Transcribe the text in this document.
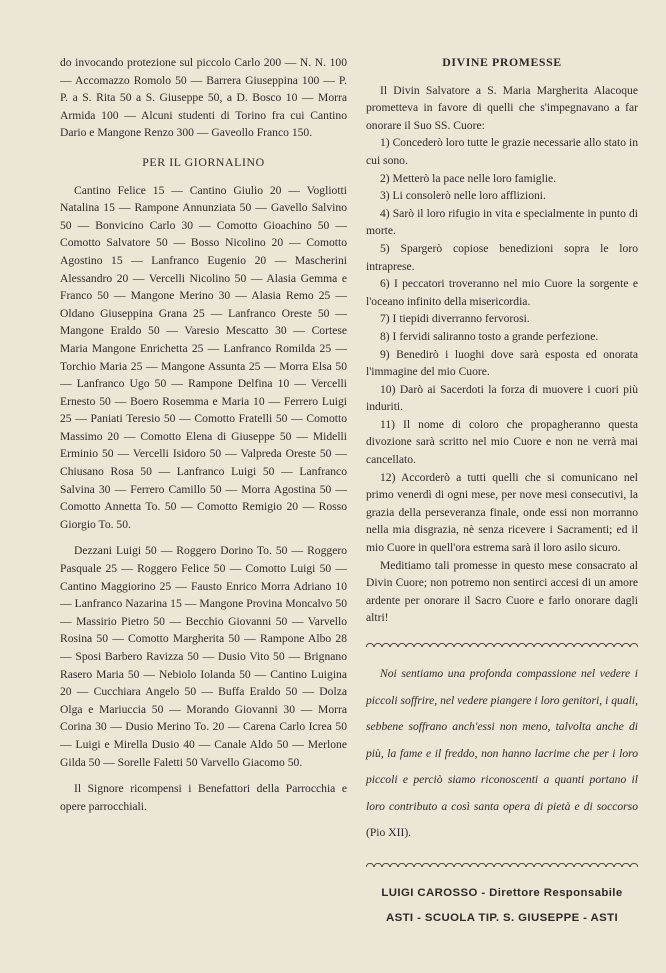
do invocando protezione sul piccolo Carlo 200 — N. N. 100 — Accomazzo Romolo 50 — Barrera Giuseppina 100 — P. P. a S. Rita 50 a S. Giuseppe 50, a D. Bosco 10 — Morra Armida 100 — Alcuni studenti di Torino fra cui Cantino Dario e Mangone Renzo 300 — Gaveollo Franco 150.

PER IL GIORNALINO

Cantino Felice 15 — Cantino Giulio 20 — Vogliotti Natalina 15 — Rampone Annunziata 50 — Gavello Salvino 50 — Bonvicino Carlo 30 — Comotto Gioachino 50 — Comotto Salvatore 50 — Bosso Nicolino 20 — Comotto Agostino 15 — Lanfranco Eugenio 20 — Mascherini Alessandro 20 — Vercelli Nicolino 50 — Alasia Gemma e Franco 50 — Mangone Merino 30 — Alasia Remo 25 — Oldano Giuseppina Grana 25 — Lanfranco Oreste 50 — Mangone Eraldo 50 — Varesio Mescatto 30 — Cortese Maria Mangone Enrichetta 25 — Lanfranco Romilda 25 — Torchio Maria 25 — Mangone Assunta 25 — Morra Elsa 50 — Lanfranco Ugo 50 — Rampone Delfina 10 — Vercelli Ernesto 50 — Boero Rosemma e Maria 10 — Ferrero Luigi 25 — Paniati Teresio 50 — Comotto Fratelli 50 — Comotto Massimo 20 — Comotto Elena di Giuseppe 50 — Midelli Erminio 50 — Vercelli Isidoro 50 — Valpreda Oreste 50 — Chiusano Rosa 50 — Lanfranco Luigi 50 — Lanfranco Salvina 30 — Ferrero Camillo 50 — Morra Agostina 50 — Comotto Annetta To. 50 — Comotto Remigio 20 — Rosso Giorgio To. 50.

Dezzani Luigi 50 — Roggero Dorino To. 50 — Roggero Pasquale 25 — Roggero Felice 50 — Comotto Luigi 50 — Cantino Maggiorino 25 — Fausto Enrico Morra Adriano 10 — Lanfranco Nazarina 15 — Mangone Provina Moncalvo 50 — Massirio Pietro 50 — Becchio Giovanni 50 — Varvello Rosina 50 — Comotto Margherita 50 — Rampone Albo 28 — Sposi Barbero Ravizza 50 — Dusio Vito 50 — Brignano Rasero Maria 50 — Nebiolo Iolanda 50 — Cantino Luigina 20 — Cucchiara Angelo 50 — Buffa Eraldo 50 — Dolza Olga e Mariuccia 50 — Morando Giovanni 30 — Morra Corina 30 — Dusio Merino To. 20 — Carena Carlo Icrea 50 — Luigi e Mirella Dusio 40 — Canale Aldo 50 — Merlone Gilda 50 — Sorelle Faletti 50 Varvello Giacomo 50.

Il Signore ricompensi i Benefattori della Parrocchia e opere parrocchiali.

DIVINE PROMESSE

Il Divin Salvatore a S. Maria Margherita Alacoque prometteva in favore di quelli che s'impegnavano a far onorare il Suo SS. Cuore:

1) Concederò loro tutte le grazie necessarie allo stato in cui sono.

2) Metterò la pace nelle loro famiglie.

3) Li consolerò nelle loro afflizioni.

4) Sarò il loro rifugio in vita e specialmente in punto di morte.

5) Spargerò copiose benedizioni sopra le loro intraprese.

6) I peccatori troveranno nel mio Cuore la sorgente e l'oceano infinito della misericordia.

7) I tiepidi diverranno fervorosi.

8) I fervidi saliranno tosto a grande perfezione.

9) Benedirò i luoghi dove sarà esposta ed onorata l'immagine del mio Cuore.

10) Darò ai Sacerdoti la forza di muovere i cuori più induriti.

11) Il nome di coloro che propagheranno questa divozione sarà scritto nel mio Cuore e non ne verrà mai cancellato.

12) Accorderò a tutti quelli che si comunicano nel primo venerdì di ogni mese, per nove mesi consecutivi, la grazia della perseveranza finale, onde essi non morranno nella mia disgrazia, nè senza ricevere i Sacramenti; ed il mio Cuore in quell'ora estrema sarà il loro asilo sicuro.

Meditiamo tali promesse in questo mese consacrato al Divin Cuore; non potremo non sentirci accesi di un amore ardente per onorare il Sacro Cuore e farlo onorare dagli altri!

Noi sentiamo una profonda compassione nel vedere i piccoli soffrire, nel vedere piangere i loro genitori, i quali, sebbene soffrano anch'essi non meno, talvolta anche di più, la fame e il freddo, non hanno lacrime che per i loro piccoli e perciò siamo riconoscenti a quanti portano il loro contributo a così santa opera di pietà e di soccorso (Pio XII).

LUIGI CAROSSO - Direttore Responsabile
ASTI - SCUOLA TIP. S. GIUSEPPE - ASTI
